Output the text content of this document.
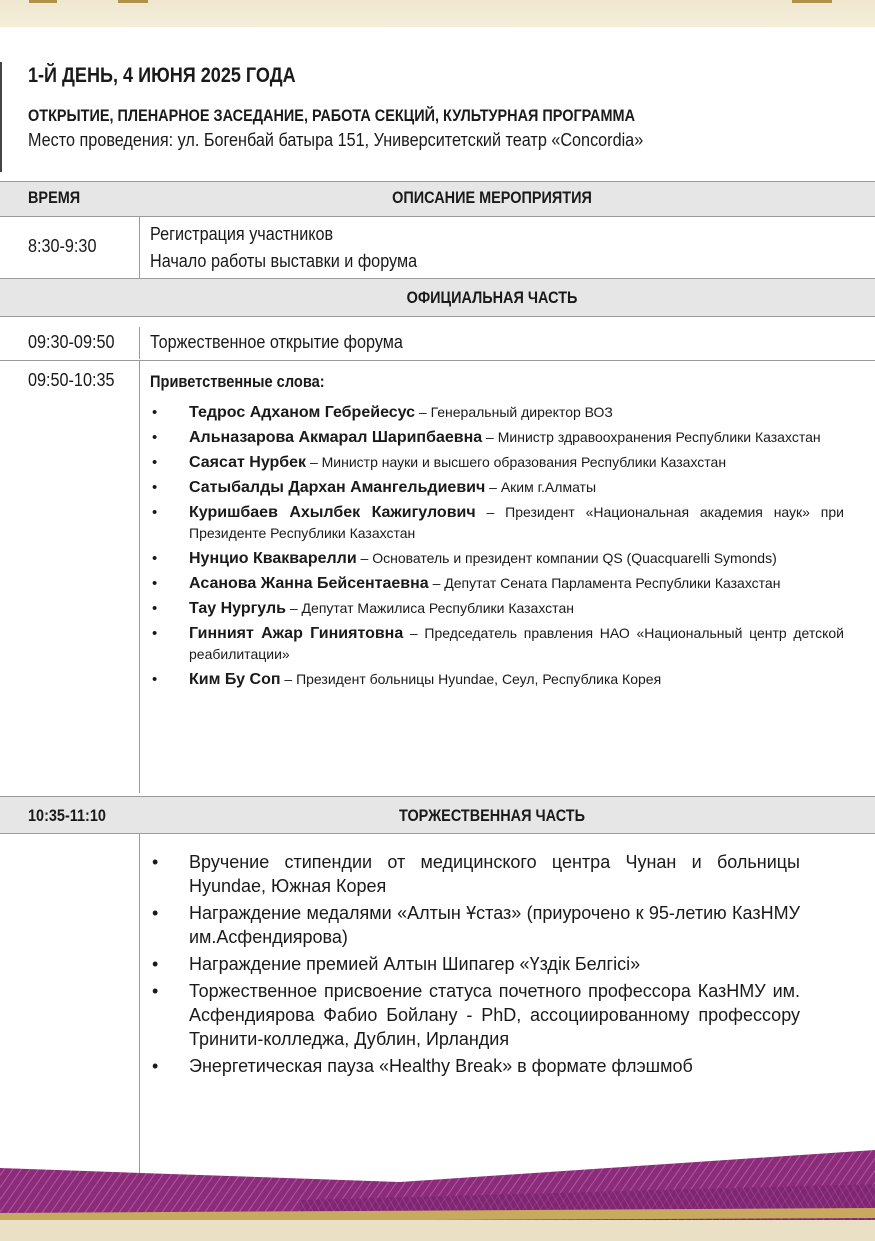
1-Й ДЕНЬ, 4 ИЮНЯ 2025 ГОДА
ОТКРЫТИЕ, ПЛЕНАРНОЕ ЗАСЕДАНИЕ, РАБОТА СЕКЦИЙ, КУЛЬТУРНАЯ ПРОГРАММА
Место проведения: ул. Богенбай батыра 151, Университетский театр «Concordia»
ВРЕМЯ	ОПИСАНИЕ МЕРОПРИЯТИЯ
8:30-9:30
Регистрация участников
Начало работы выставки и форума
ОФИЦИАЛЬНАЯ ЧАСТЬ
09:30-09:50 Торжественное открытие форума
09:50-10:35 Приветственные слова:
• Тедрос Адханом Гебрейесус – Генеральный директор ВОЗ
• Альназарова Акмарал Шарипбаевна – Министр здравоохранения Республики Казахстан
• Саясат Нурбек – Министр науки и высшего образования Республики Казахстан
• Сатыбалды Дархан Амангельдиевич – Аким г.Алматы
• Куришбаев Ахылбек Кажигулович – Президент «Национальная академия наук» при Президенте Республики Казахстан
• Нунцио Квакварелли – Основатель и президент компании QS (Quacquarelli Symonds)
• Асанова Жанна Бейсентаевна – Депутат Сената Парламента Республики Казахстан
• Тау Нургуль – Депутат Мажилиса Республики Казахстан
• Гинният Ажар Гиниятовна – Председатель правления НАО «Национальный центр детской реабилитации»
• Ким Бу Соп – Президент больницы Hyundae, Сеул, Республика Корея
10:35-11:10	ТОРЖЕСТВЕННАЯ ЧАСТЬ
• Вручение стипендии от медицинского центра Чунан и больницы Hyundae, Южная Корея
• Награждение медалями «Алтын Ұстаз» (приурочено к 95-летию КазНМУ им.Асфендиярова)
• Награждение премией Алтын Шипагер «Үздік Белгісі»
• Торжественное присвоение статуса почетного профессора КазНМУ им. Асфендиярова Фабио Бойлану - PhD, ассоциированному профессору Тринити-колледжа, Дублин, Ирландия
• Энергетическая пауза «Healthy Break» в формате флэшмоб
